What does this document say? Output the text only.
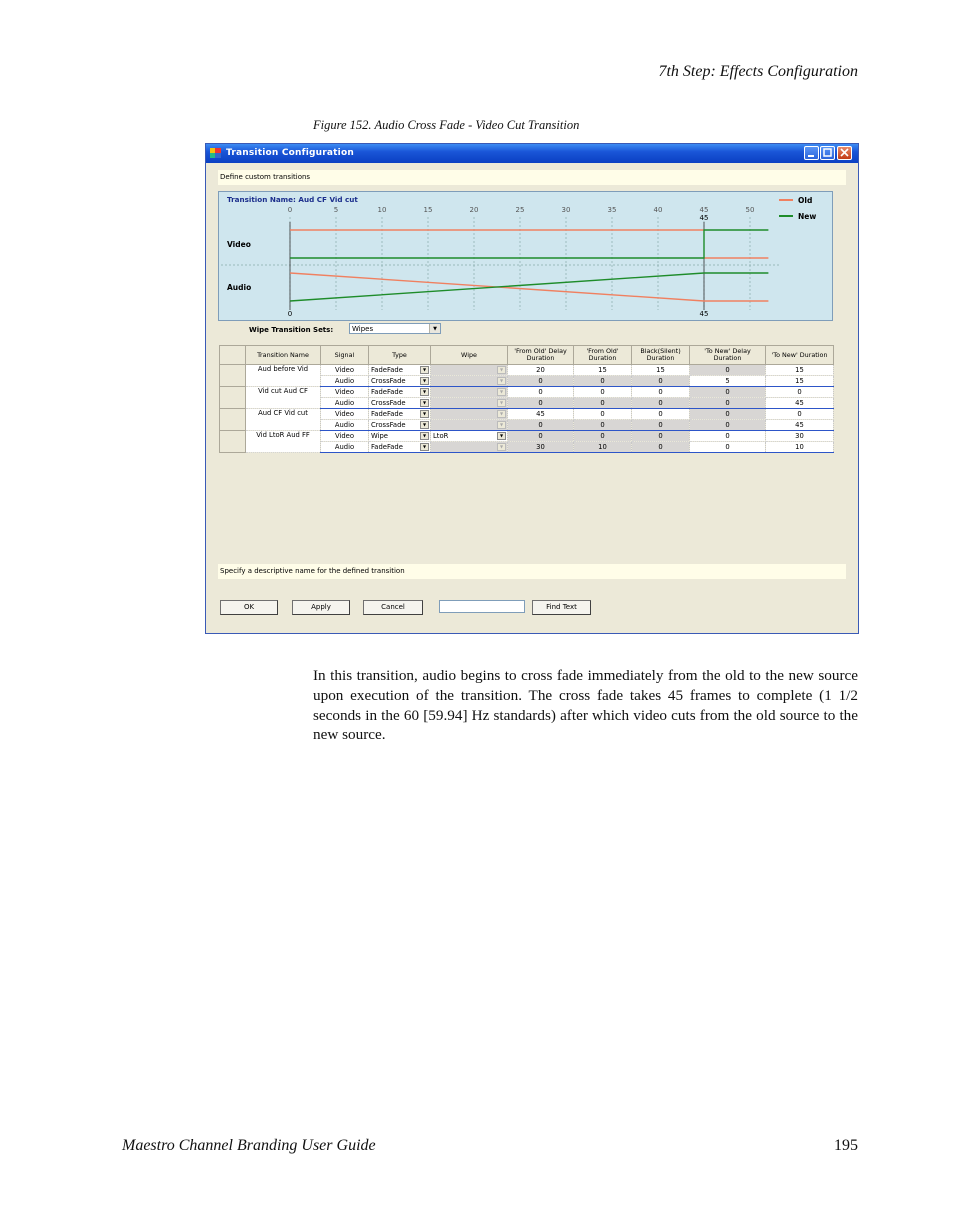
7th Step: Effects Configuration
Figure 152. Audio Cross Fade - Video Cut Transition
Transition Configuration
Define custom transitions
Transition Name: Aud CF Vid cut
0	5	10	15	20	25	30	35	40	45	50
Video
Audio
0
45
45
Old
New
Wipe Transition Sets:	Wipes	▼
	Transition Name	Signal	Type	Wipe	'From Old' Delay Duration	'From Old' Duration	Black(Silent) Duration	'To New' Delay Duration	'To New' Duration
	Aud before Vid	Video	FadeFade ▼	▼	20	15	15	0	15
		Audio	CrossFade ▼	▼	0	0	0	5	15
	Vid cut Aud CF	Video	FadeFade ▼	▼	0	0	0	0	0
		Audio	CrossFade ▼	▼	0	0	0	0	45
	Aud CF Vid cut	Video	FadeFade ▼	▼	45	0	0	0	0
		Audio	CrossFade ▼	▼	0	0	0	0	45
	Vid LtoR Aud FF	Video	Wipe ▼	LtoR ▼	0	0	0	0	30
		Audio	FadeFade ▼	▼	30	10	0	0	10
Specify a descriptive name for the defined transition
OK	Apply	Cancel	Find Text

In this transition, audio begins to cross fade immediately from the old to the new source upon execution of the transition. The cross fade takes 45 frames to complete (1 1/2 seconds in the 60 [59.94] Hz standards) after which video cuts from the old source to the new source.

Maestro Channel Branding User Guide	195
